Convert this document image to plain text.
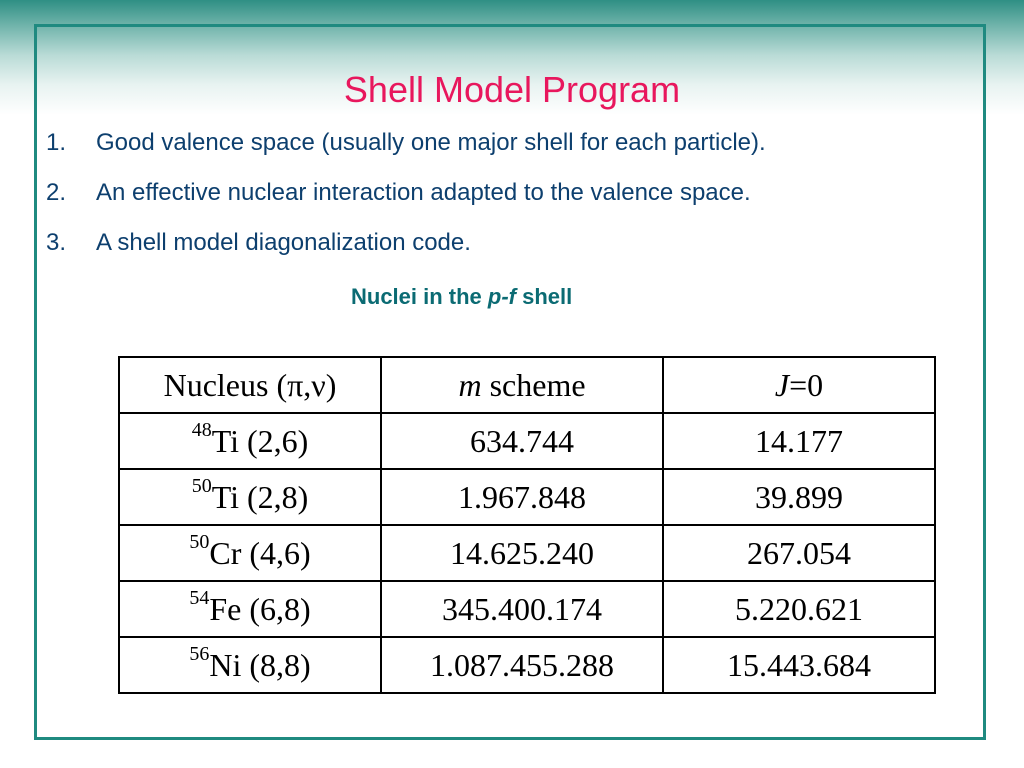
Shell Model Program
1.	Good valence space (usually one major shell for each particle).
2.	An effective nuclear interaction adapted to the valence space.
3.	A shell model diagonalization code.
Nuclei in the p-f shell
Nucleus (π,ν)	m scheme	J=0
$^{48}$Ti (2,6)	634.744	14.177
$^{50}$Ti (2,8)	1.967.848	39.899
$^{50}$Cr (4,6)	14.625.240	267.054
$^{54}$Fe (6,8)	345.400.174	5.220.621
$^{56}$Ni (8,8)	1.087.455.288	15.443.684
